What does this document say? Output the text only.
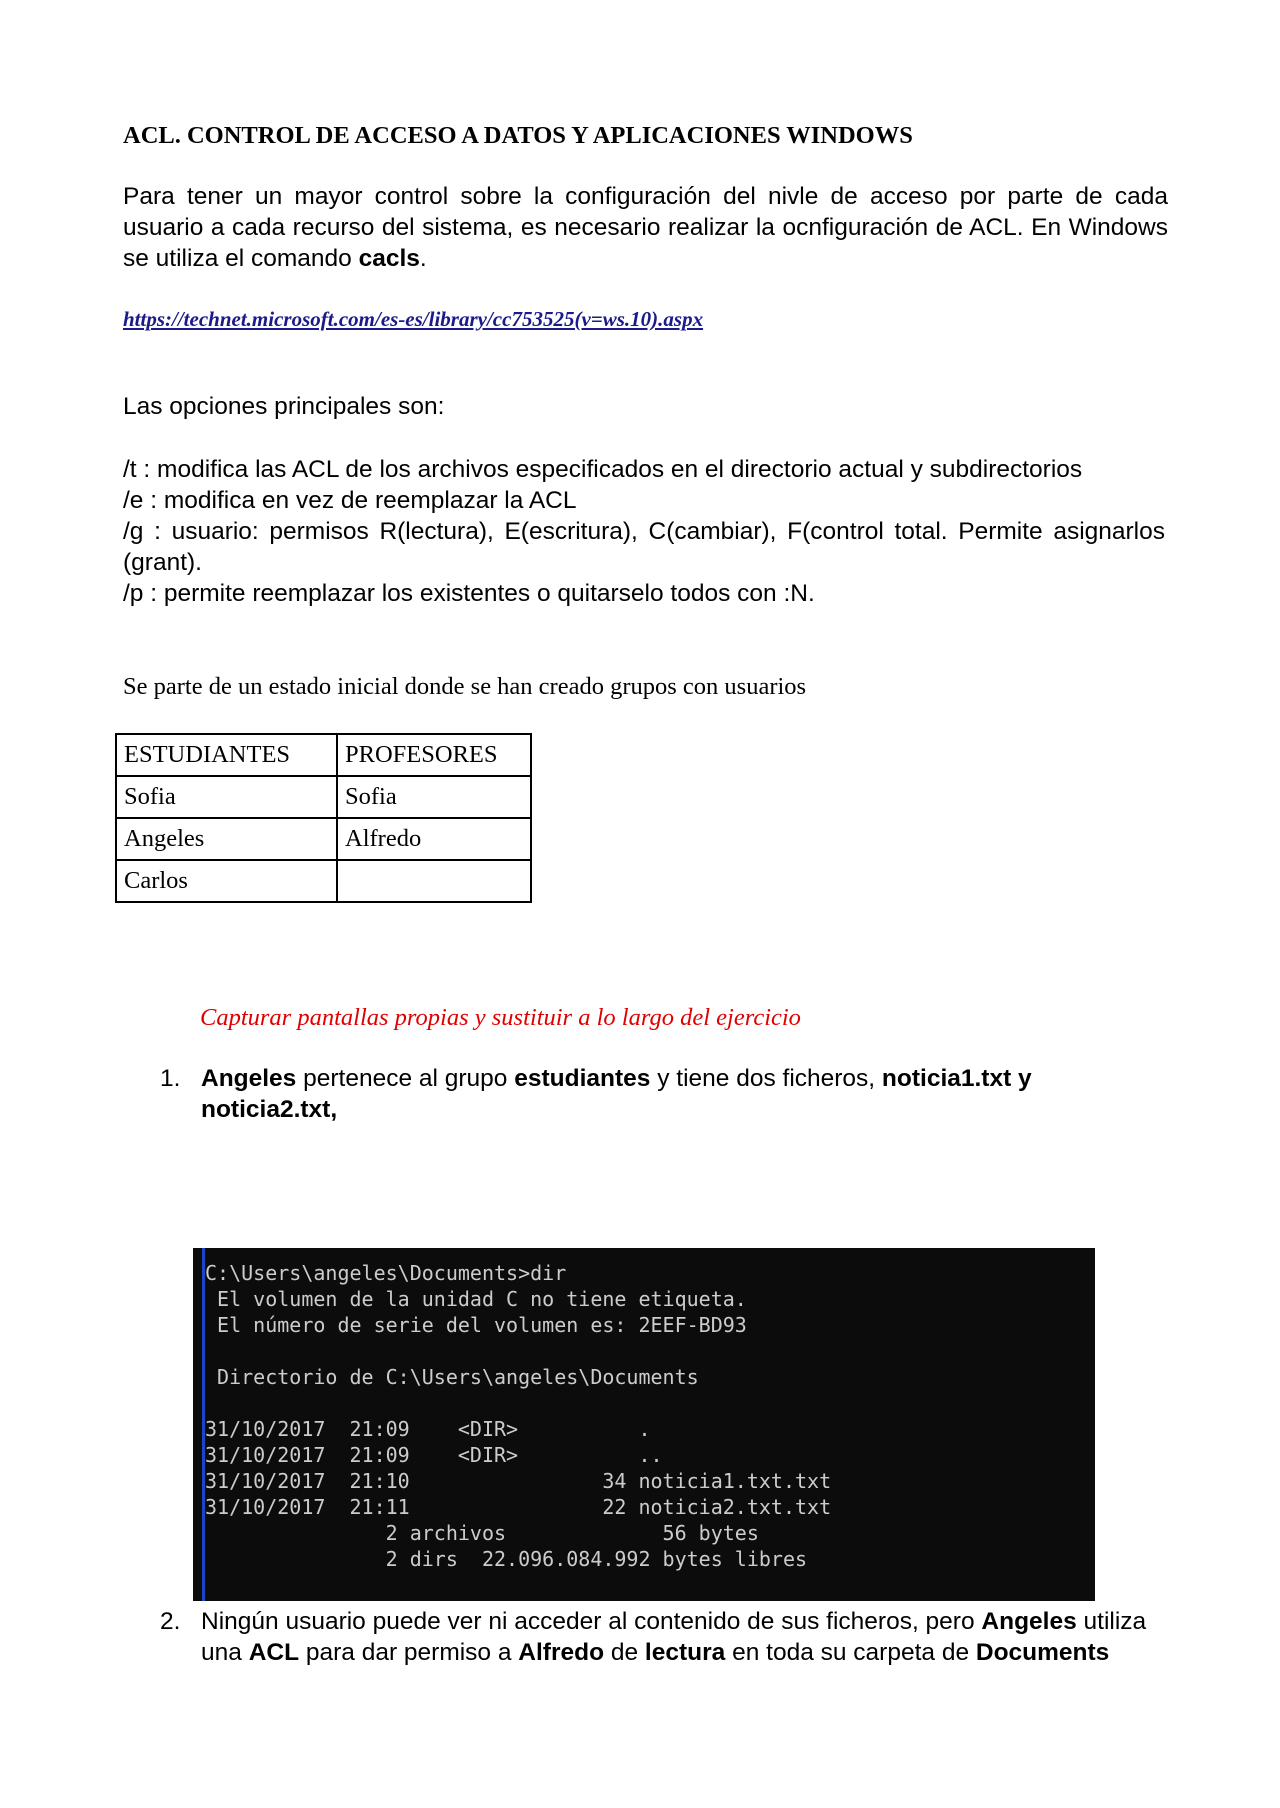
ACL. CONTROL DE ACCESO A DATOS Y APLICACIONES WINDOWS
Para tener un mayor control sobre la configuración del nivle de acceso por parte de cada usuario a cada recurso del sistema, es necesario realizar la ocnfiguración de ACL. En Windows se utiliza el comando cacls.
https://technet.microsoft.com/es-es/library/cc753525(v=ws.10).aspx
Las opciones principales son:

/t : modifica las ACL de los archivos especificados en el directorio actual y subdirectorios

/e : modifica en vez de reemplazar la ACL

/g : usuario: permisos R(lectura), E(escritura), C(cambiar), F(control total. Permite asignarlos (grant).

/p : permite reemplazar los existentes o quitarselo todos con :N.

Se parte de un estado inicial donde se han creado grupos con usuarios
ESTUDIANTES	PROFESORES
Sofia	Sofia
Angeles	Alfredo
Carlos	
Capturar pantallas propias y sustituir a lo largo del ejercicio
1. Angeles pertenece al grupo estudiantes y tiene dos ficheros, noticia1.txt y noticia2.txt,
C:\Users\angeles\Documents>dir
El volumen de la unidad C no tiene etiqueta.
El número de serie del volumen es: 2EEF-BD93

Directorio de C:\Users\angeles\Documents

31/10/2017  21:09    <DIR>          .
31/10/2017  21:09    <DIR>          ..
31/10/2017  21:10                34 noticia1.txt.txt
31/10/2017  21:11                22 noticia2.txt.txt
2 archivos             56 bytes
2 dirs  22.096.084.992 bytes libres
2. Ningún usuario puede ver ni acceder al contenido de sus ficheros, pero Angeles utiliza una ACL para dar permiso a Alfredo de lectura en toda su carpeta de Documents
